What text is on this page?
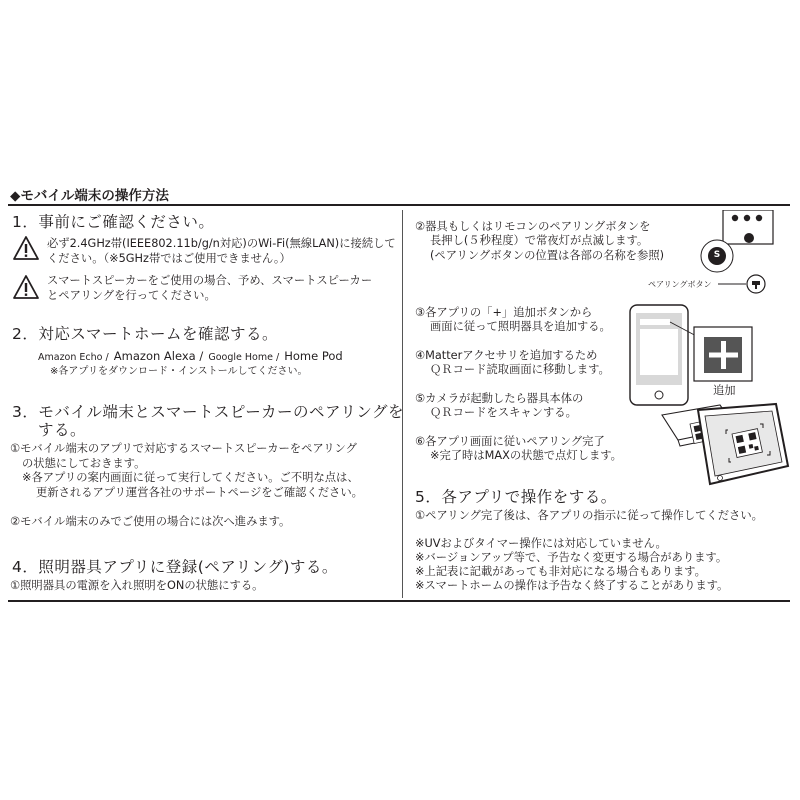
◆モバイル端末の操作方法
1．事前にご確認ください。
必ず2.4GHz帯(IEEE802.11b/g/n対応)のWi-Fi(無線LAN)に接続して
ください。（※5GHz帯ではご使用できません。）
スマートスピーカーをご使用の場合、予め、スマートスピーカー
とペアリングを行ってください。
2．対応スマートホームを確認する。
Amazon Echo / Amazon Alexa / Google Home / Home Pod
※各アプリをダウンロード・インストールしてください。
3．モバイル端末とスマートスピーカーのペアリングを
する。
①モバイル端末のアプリで対応するスマートスピーカーをペアリング
の状態にしておきます。
※各アプリの案内画面に従って実行してください。ご不明な点は、
更新されるアプリ運営各社のサポートページをご確認ください。
②モバイル端末のみでご使用の場合には次へ進みます。
4．照明器具アプリに登録(ペアリング)する。
①照明器具の電源を入れ照明をONの状態にする。
②器具もしくはリモコンのペアリングボタンを
長押し(５秒程度）で常夜灯が点滅します。
(ペアリングボタンの位置は各部の名称を参照)	S
ペアリングボタン
③各アプリの「+」追加ボタンから
画面に従って照明器具を追加する。
追加
④Matterアクセサリを追加するため
ＱＲコード読取画面に移動します。
⑤カメラが起動したら器具本体の
ＱＲコードをスキャンする。
⑥各アプリ画面に従いペアリング完了
※完了時はMAXの状態で点灯します。
5．各アプリで操作をする。
①ペアリング完了後は、各アプリの指示に従って操作してください。
※UVおよびタイマー操作には対応していません。
※バージョンアップ等で、予告なく変更する場合があります。
※上記表に記載があっても非対応になる場合もあります。
※スマートホームの操作は予告なく終了することがあります。
